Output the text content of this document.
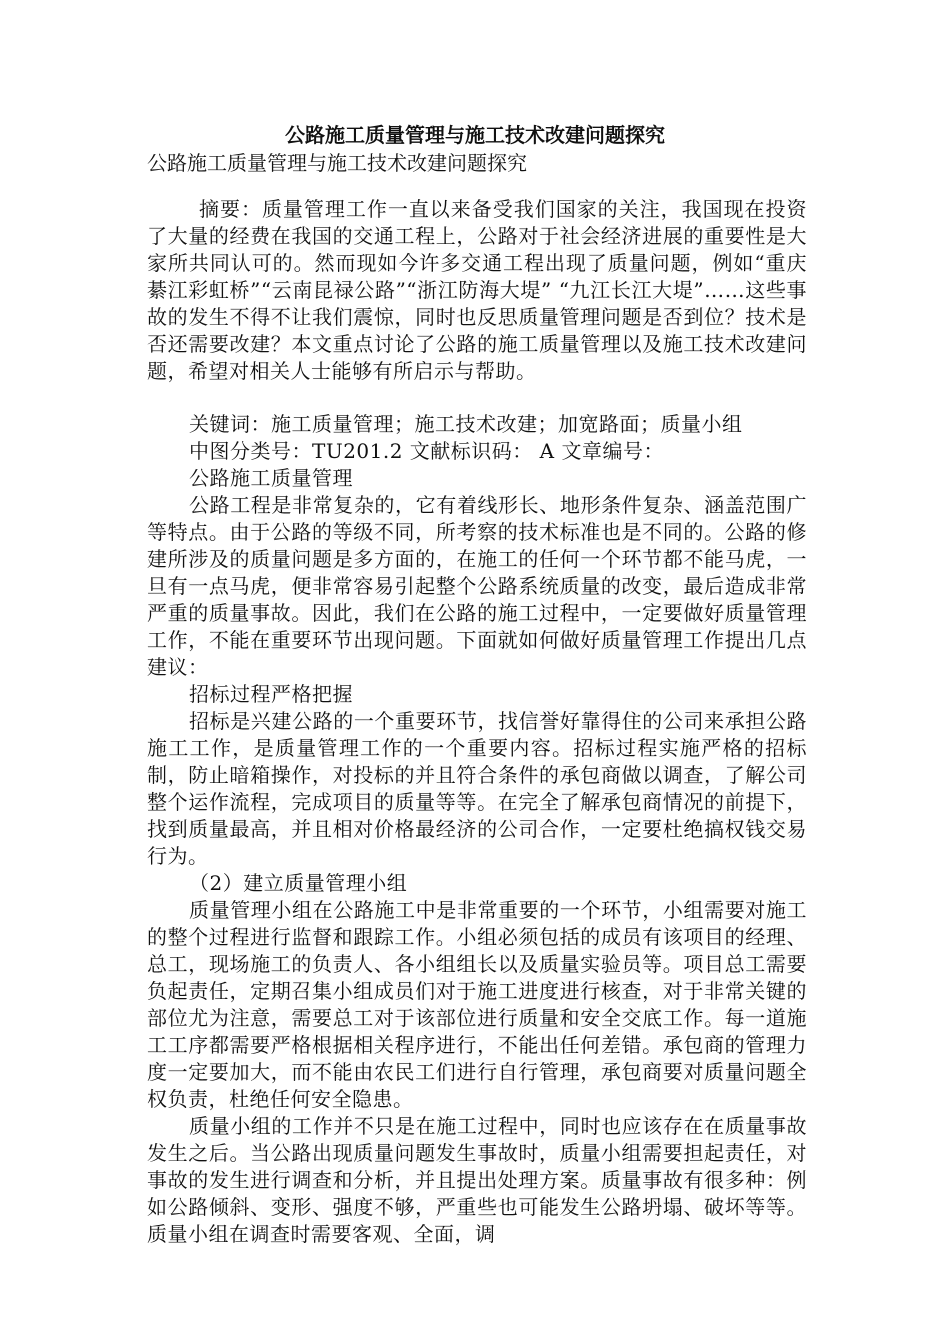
公路施工质量管理与施工技术改建问题探究
公路施工质量管理与施工技术改建问题探究

摘要：质量管理工作一直以来备受我们国家的关注，我国现在投资了大量的经费在我国的交通工程上，公路对于社会经济进展的重要性是大家所共同认可的。然而现如今许多交通工程出现了质量问题，例如“重庆綦江彩虹桥”“云南昆禄公路”“浙江防海大堤” “九江长江大堤”……这些事故的发生不得不让我们震惊，同时也反思质量管理问题是否到位？技术是否还需要改建？本文重点讨论了公路的施工质量管理以及施工技术改建问题，希望对相关人士能够有所启示与帮助。

关键词：施工质量管理；施工技术改建；加宽路面；质量小组

中图分类号：TU201.2 文献标识码： A 文章编号：

公路施工质量管理

公路工程是非常复杂的，它有着线形长、地形条件复杂、涵盖范围广等特点。由于公路的等级不同，所考察的技术标准也是不同的。公路的修建所涉及的质量问题是多方面的，在施工的任何一个环节都不能马虎，一旦有一点马虎，便非常容易引起整个公路系统质量的改变，最后造成非常严重的质量事故。因此，我们在公路的施工过程中，一定要做好质量管理工作，不能在重要环节出现问题。下面就如何做好质量管理工作提出几点建议：

招标过程严格把握

招标是兴建公路的一个重要环节，找信誉好靠得住的公司来承担公路施工工作，是质量管理工作的一个重要内容。招标过程实施严格的招标制，防止暗箱操作，对投标的并且符合条件的承包商做以调查，了解公司整个运作流程，完成项目的质量等等。在完全了解承包商情况的前提下，找到质量最高，并且相对价格最经济的公司合作，一定要杜绝搞权钱交易行为。

（2）建立质量管理小组

质量管理小组在公路施工中是非常重要的一个环节，小组需要对施工的整个过程进行监督和跟踪工作。小组必须包括的成员有该项目的经理、总工，现场施工的负责人、各小组组长以及质量实验员等。项目总工需要负起责任，定期召集小组成员们对于施工进度进行核查，对于非常关键的部位尤为注意，需要总工对于该部位进行质量和安全交底工作。每一道施工工序都需要严格根据相关程序进行，不能出任何差错。承包商的管理力度一定要加大，而不能由农民工们进行自行管理，承包商要对质量问题全权负责，杜绝任何安全隐患。

质量小组的工作并不只是在施工过程中，同时也应该存在在质量事故发生之后。当公路出现质量问题发生事故时，质量小组需要担起责任，对事故的发生进行调查和分析，并且提出处理方案。质量事故有很多种：例如公路倾斜、变形、强度不够，严重些也可能发生公路坍塌、破坏等等。质量小组在调查时需要客观、全面，调
